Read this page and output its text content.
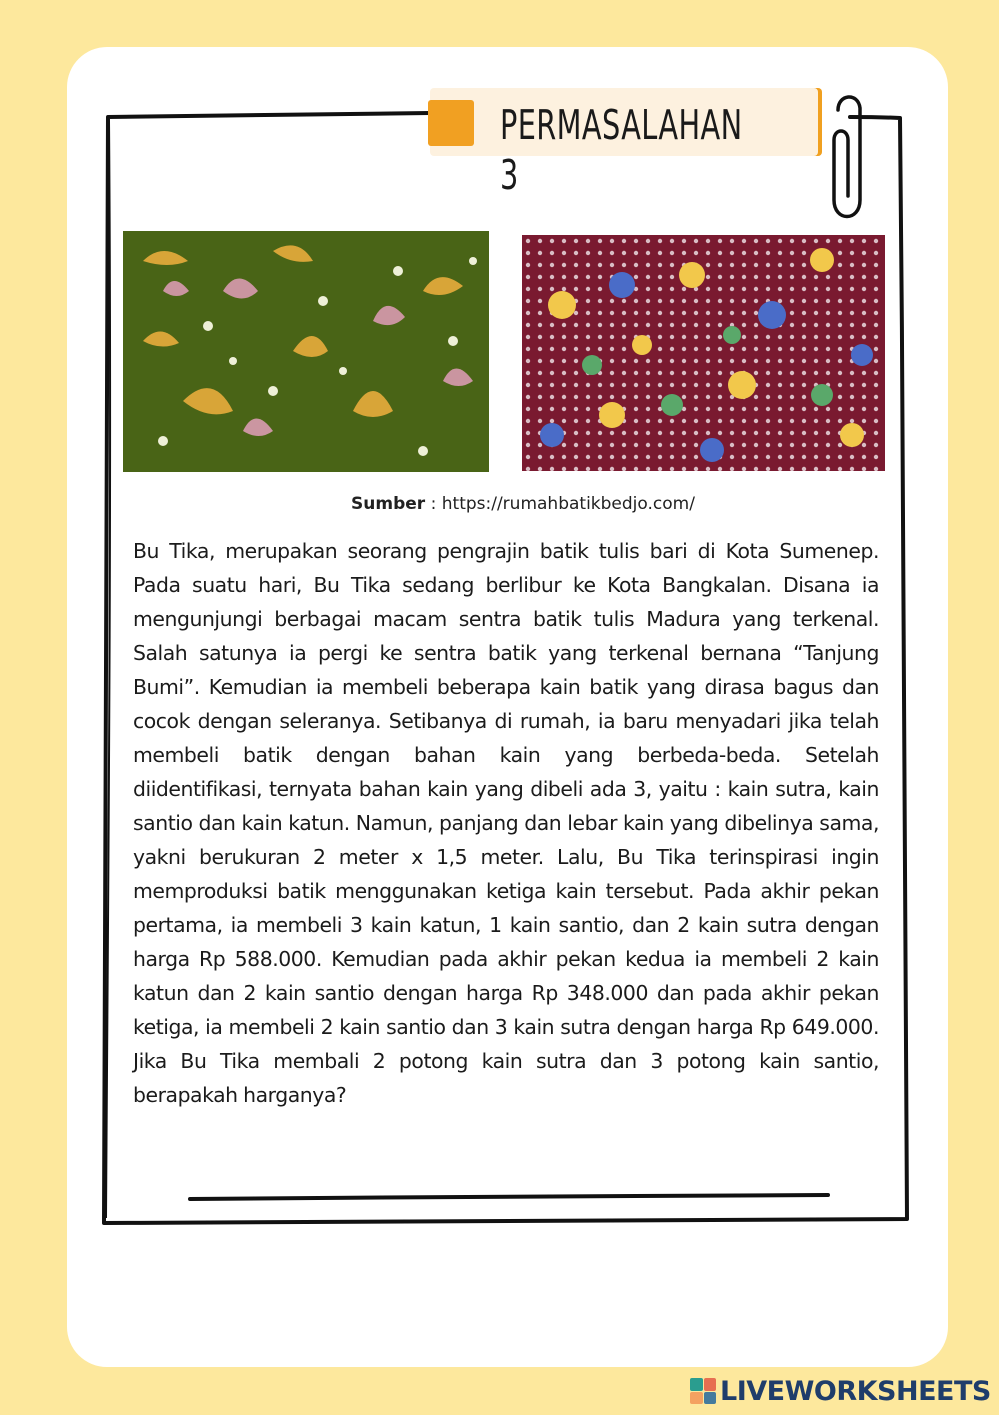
PERMASALAHAN 3
Sumber : https://rumahbatikbedjo.com/

Bu Tika, merupakan seorang pengrajin batik tulis bari di Kota Sumenep. Pada suatu hari, Bu Tika sedang berlibur ke Kota Bangkalan. Disana ia mengunjungi berbagai macam sentra batik tulis Madura yang terkenal. Salah satunya ia pergi ke sentra batik yang terkenal bernana “Tanjung Bumi”. Kemudian ia membeli beberapa kain batik yang dirasa bagus dan cocok dengan seleranya. Setibanya di rumah, ia baru menyadari jika telah membeli batik dengan bahan kain yang berbeda-beda. Setelah diidentifikasi, ternyata bahan kain yang dibeli ada 3, yaitu : kain sutra, kain santio dan kain katun. Namun, panjang dan lebar kain yang dibelinya sama, yakni berukuran 2 meter x 1,5 meter. Lalu, Bu Tika terinspirasi ingin memproduksi batik menggunakan ketiga kain tersebut. Pada akhir pekan pertama, ia membeli 3 kain katun, 1 kain santio, dan 2 kain sutra dengan harga Rp 588.000. Kemudian pada akhir pekan kedua ia membeli 2 kain katun dan 2 kain santio dengan harga Rp 348.000 dan pada akhir pekan ketiga, ia membeli 2 kain santio dan 3 kain sutra dengan harga Rp 649.000. Jika Bu Tika membali 2 potong kain sutra dan 3 potong kain santio, berapakah harganya?

LIVEWORKSHEETS
